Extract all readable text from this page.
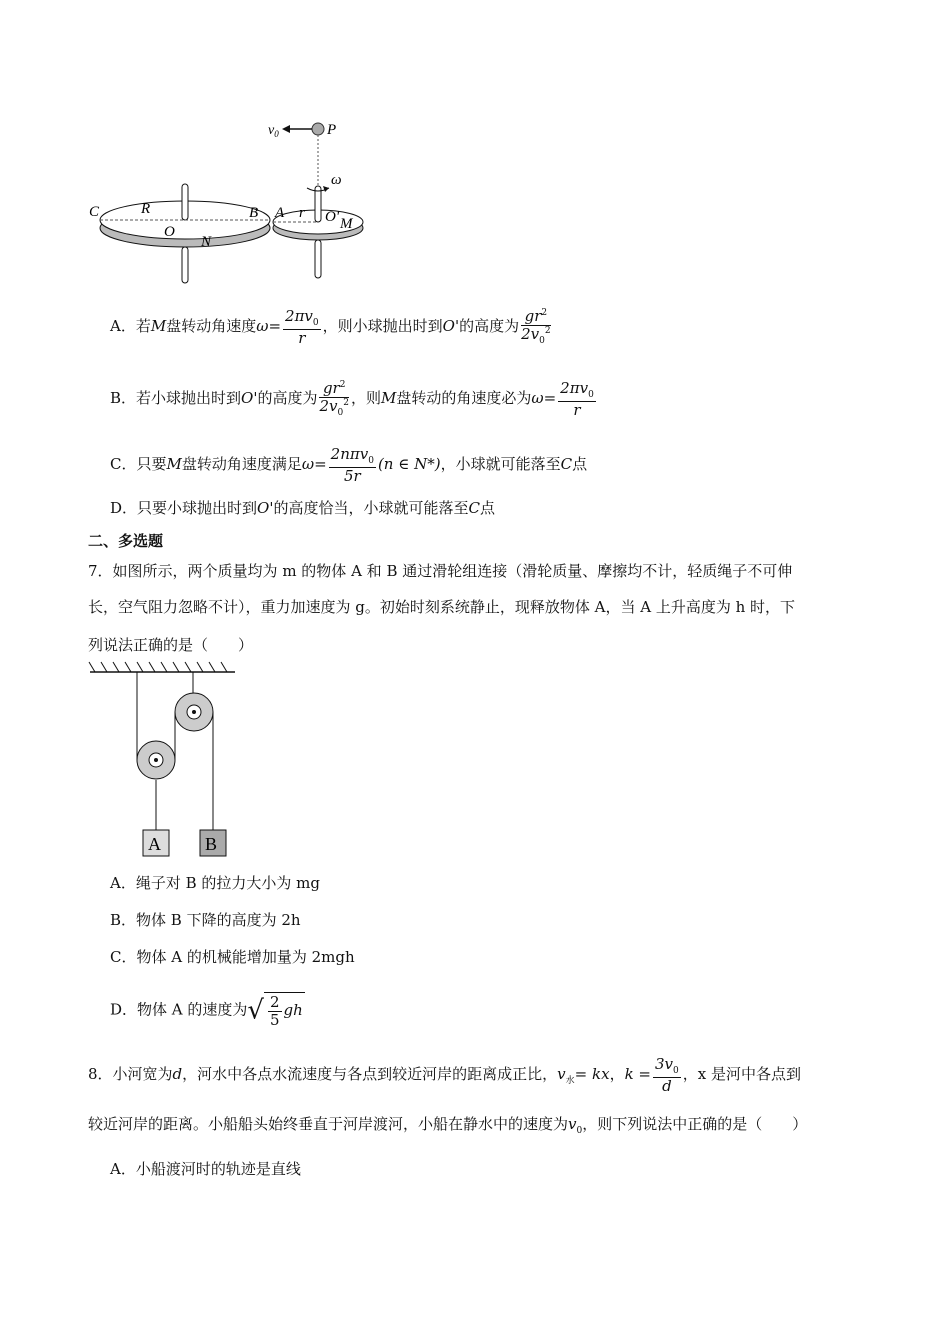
$v_0$	P
ω
C	R
O
N
B A r O' M
A．若M盘转动角速度$\omega= \frac{2\pi v_0}{r}$ ，则小球抛出时到O'的高度为 $\frac{gr^2}{2v_0^2}$
B．若小球抛出时到O'的高度为 $\frac{gr^2}{2v_0^2}$ ，则M盘转动的角速度必为$\omega= \frac{2\pi v_0}{r}$
C．只要M盘转动角速度满足$\omega= \frac{2n\pi v_0}{5r} (n$ ∈ N*)，小球就可能落至C点
D．只要小球抛出时到O'的高度恰当，小球就可能落至C点
二、多选题
7．如图所示，两个质量均为 m 的物体 A 和 B 通过滑轮组连接（滑轮质量、摩擦均不计，轻质绳子不可伸
长，空气阻力忽略不计），重力加速度为 g。初始时刻系统静止，现释放物体 A，当 A 上升高度为 h 时，下
列说法正确的是（　　）
A B
A．绳子对 B 的拉力大小为 mg
B．物体 B 下降的高度为 2h
C．物体 A 的机械能增加量为 2mgh
D．物体 A 的速度为√ $\frac{2}{5}$ gh
8．小河宽为d，河水中各点水流速度与各点到较近河岸的距离成正比，$v_水=$ kx，$k = \frac{3v_0}{d}$ ，x 是河中各点到
较近河岸的距离。小船船头始终垂直于河岸渡河，小船在静水中的速度为$v_0$，则下列说法中正确的是（　　）
A．小船渡河时的轨迹是直线
